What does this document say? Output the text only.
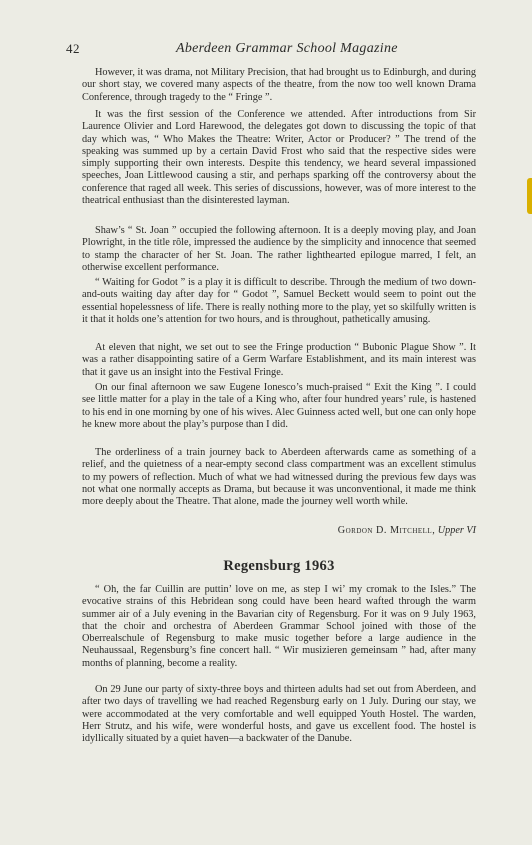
42	Aberdeen Grammar School Magazine

However, it was drama, not Military Precision, that had brought us to Edinburgh, and during our short stay, we covered many aspects of the theatre, from the now too well known Drama Conference, through tragedy to the “ Fringe ”.

It was the first session of the Conference we attended. After introductions from Sir Laurence Olivier and Lord Harewood, the delegates got down to discussing the topic of that day which was, “ Who Makes the Theatre: Writer, Actor or Producer? ” The trend of the speaking was summed up by a certain David Frost who said that the respective sides were simply supporting their own interests. Despite this tendency, we heard several impassioned speeches, Joan Littlewood causing a stir, and perhaps sparking off the controversy about the conference that raged all week. This series of discussions, however, was of more interest to the theatrical enthusiast than the disinterested layman.

Shaw’s “ St. Joan ” occupied the following afternoon. It is a deeply moving play, and Joan Plowright, in the title rôle, impressed the audience by the simplicity and innocence that seemed to stamp the character of her St. Joan. The rather lighthearted epilogue marred, I felt, an otherwise excellent performance.

“ Waiting for Godot ” is a play it is difficult to describe. Through the medium of two down-and-outs waiting day after day for “ Godot ”, Samuel Beckett would seem to point out the essential hopelessness of life. There is really nothing more to the play, yet so skilfully written is it that it holds one’s attention for two hours, and is throughout, pathetically amusing.

At eleven that night, we set out to see the Fringe production “ Bubonic Plague Show ”. It was a rather disappointing satire of a Germ Warfare Establishment, and its main interest was that it gave us an insight into the Festival Fringe.

On our final afternoon we saw Eugene Ionesco’s much-praised “ Exit the King ”. I could see little matter for a play in the tale of a King who, after four hundred years’ rule, is hastened to his end in one morning by one of his wives. Alec Guinness acted well, but one can only hope he knew more about the play’s purpose than I did.

The orderliness of a train journey back to Aberdeen afterwards came as something of a relief, and the quietness of a near-empty second class compartment was an excellent stimulus to my powers of reflection. Much of what we had witnessed during the previous few days was not what one normally accepts as Drama, but because it was unconventional, it made me think more deeply about the Theatre. That alone, made the journey well worth while.

Gordon D. Mitchell, Upper VI
Regensburg 1963

“ Oh, the far Cuillin are puttin’ love on me, as step I wi’ my cromak to the Isles.” The evocative strains of this Hebridean song could have been heard wafted through the warm summer air of a July evening in the Bavarian city of Regensburg. For it was on 9 July 1963, that the choir and orchestra of Aberdeen Grammar School joined with those of the Oberrealschule of Regensburg to make music together before a large audience in the Neuhaussaal, Regensburg’s fine concert hall. “ Wir musizieren gemeinsam ” had, after many months of planning, become a reality.

On 29 June our party of sixty-three boys and thirteen adults had set out from Aberdeen, and after two days of travelling we had reached Regensburg early on 1 July. During our stay, we were accommodated at the very comfortable and well equipped Youth Hostel. The warden, Herr Strutz, and his wife, were wonderful hosts, and gave us excellent food. The hostel is idyllically situated by a quiet haven—a backwater of the Danube.
